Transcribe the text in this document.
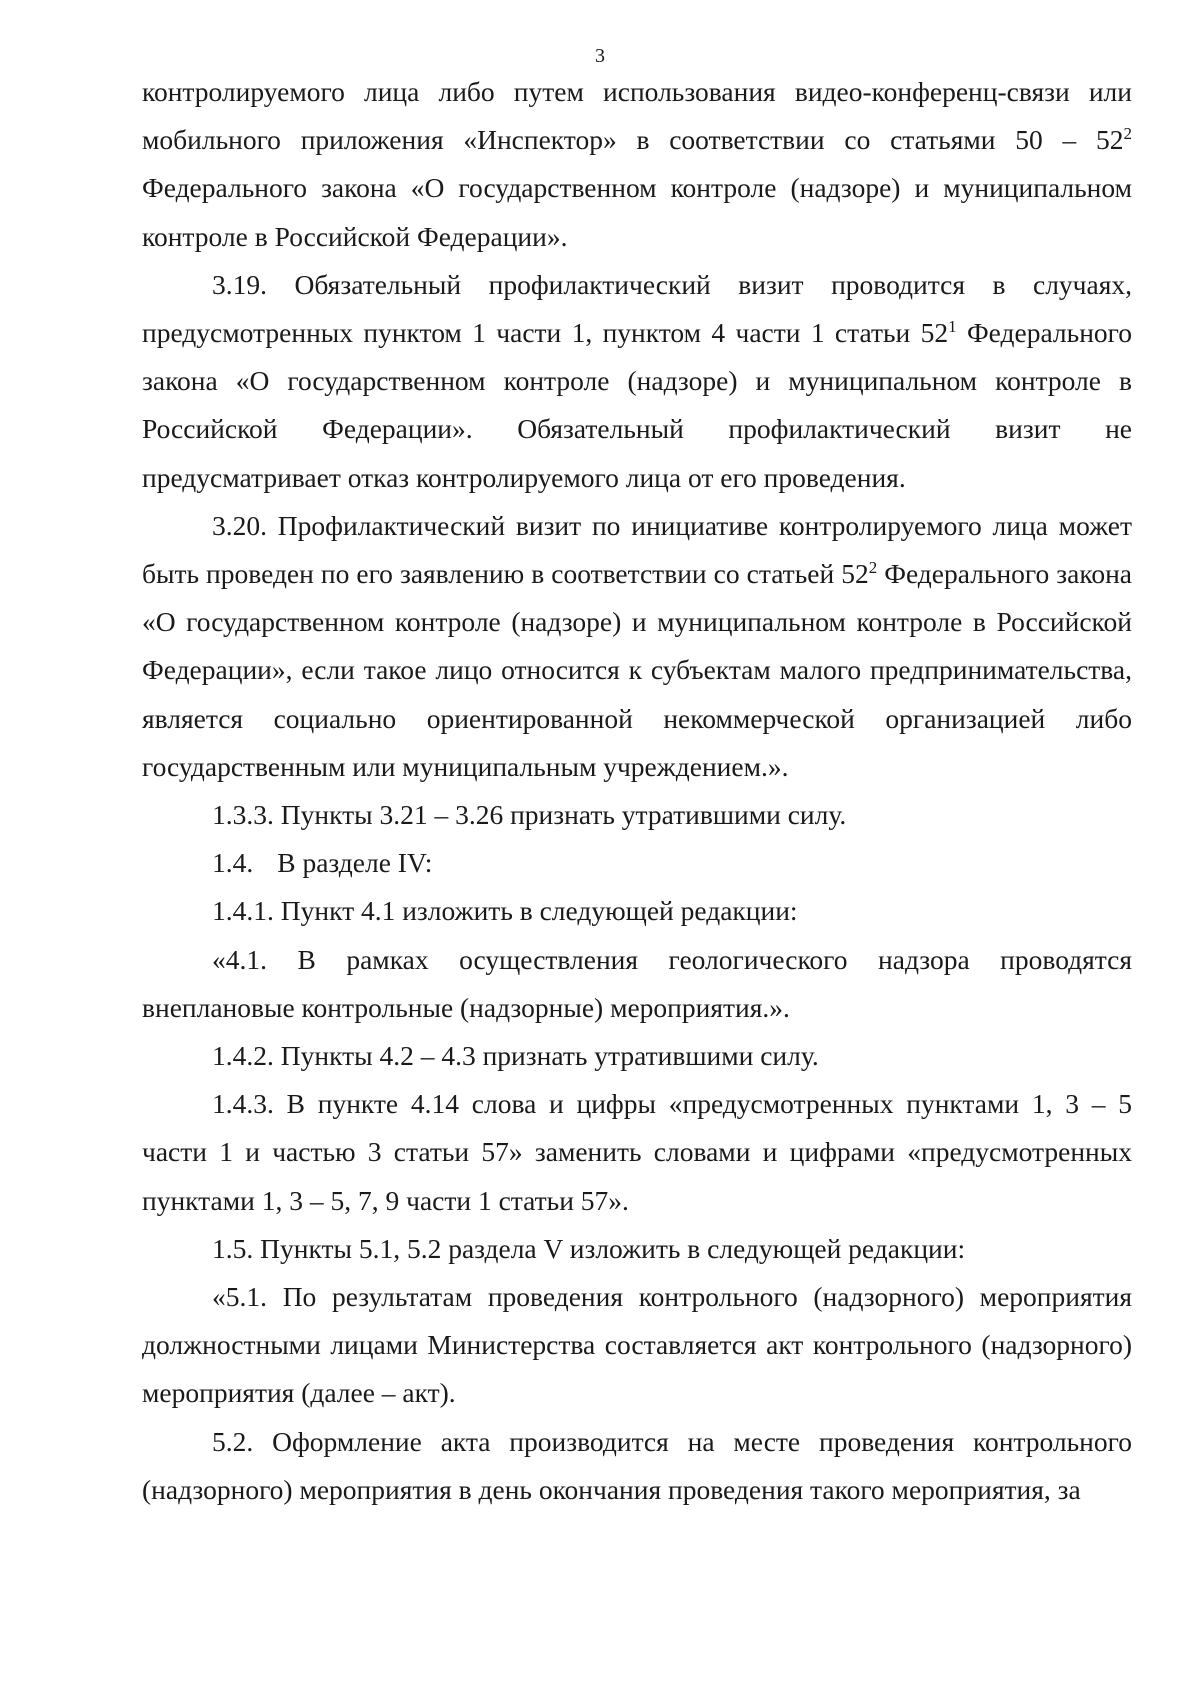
3

контролируемого лица либо путем использования видео-конференц-связи или мобильного приложения «Инспектор» в соответствии со статьями $50 - 52^2$ Федерального закона «О государственном контроле (надзоре) и муниципальном контроле в Российской Федерации».

3.19. Обязательный профилактический визит проводится в случаях, предусмотренных пунктом 1 части 1, пунктом 4 части 1 статьи $52^1$ Федерального закона «О государственном контроле (надзоре) и муниципальном контроле в Российской Федерации». Обязательный профилактический визит не предусматривает отказ контролируемого лица от его проведения.

3.20. Профилактический визит по инициативе контролируемого лица может быть проведен по его заявлению в соответствии со статьей $52^2$ Федерального закона «О государственном контроле (надзоре) и муниципальном контроле в Российской Федерации», если такое лицо относится к субъектам малого предпринимательства, является социально ориентированной некоммерческой организацией либо государственным или муниципальным учреждением.».

1.3.3. Пункты 3.21 – 3.26 признать утратившими силу.

1.4. В разделе IV:

1.4.1. Пункт 4.1 изложить в следующей редакции:

«4.1. В рамках осуществления геологического надзора проводятся внеплановые контрольные (надзорные) мероприятия.».

1.4.2. Пункты 4.2 – 4.3 признать утратившими силу.

1.4.3. В пункте 4.14 слова и цифры «предусмотренных пунктами 1, 3 – 5 части 1 и частью 3 статьи 57» заменить словами и цифрами «предусмотренных пунктами 1, 3 – 5, 7, 9 части 1 статьи 57».

1.5. Пункты 5.1, 5.2 раздела V изложить в следующей редакции:

«5.1. По результатам проведения контрольного (надзорного) мероприятия должностными лицами Министерства составляется акт контрольного (надзорного) мероприятия (далее – акт).

5.2. Оформление акта производится на месте проведения контрольного (надзорного) мероприятия в день окончания проведения такого мероприятия, за
